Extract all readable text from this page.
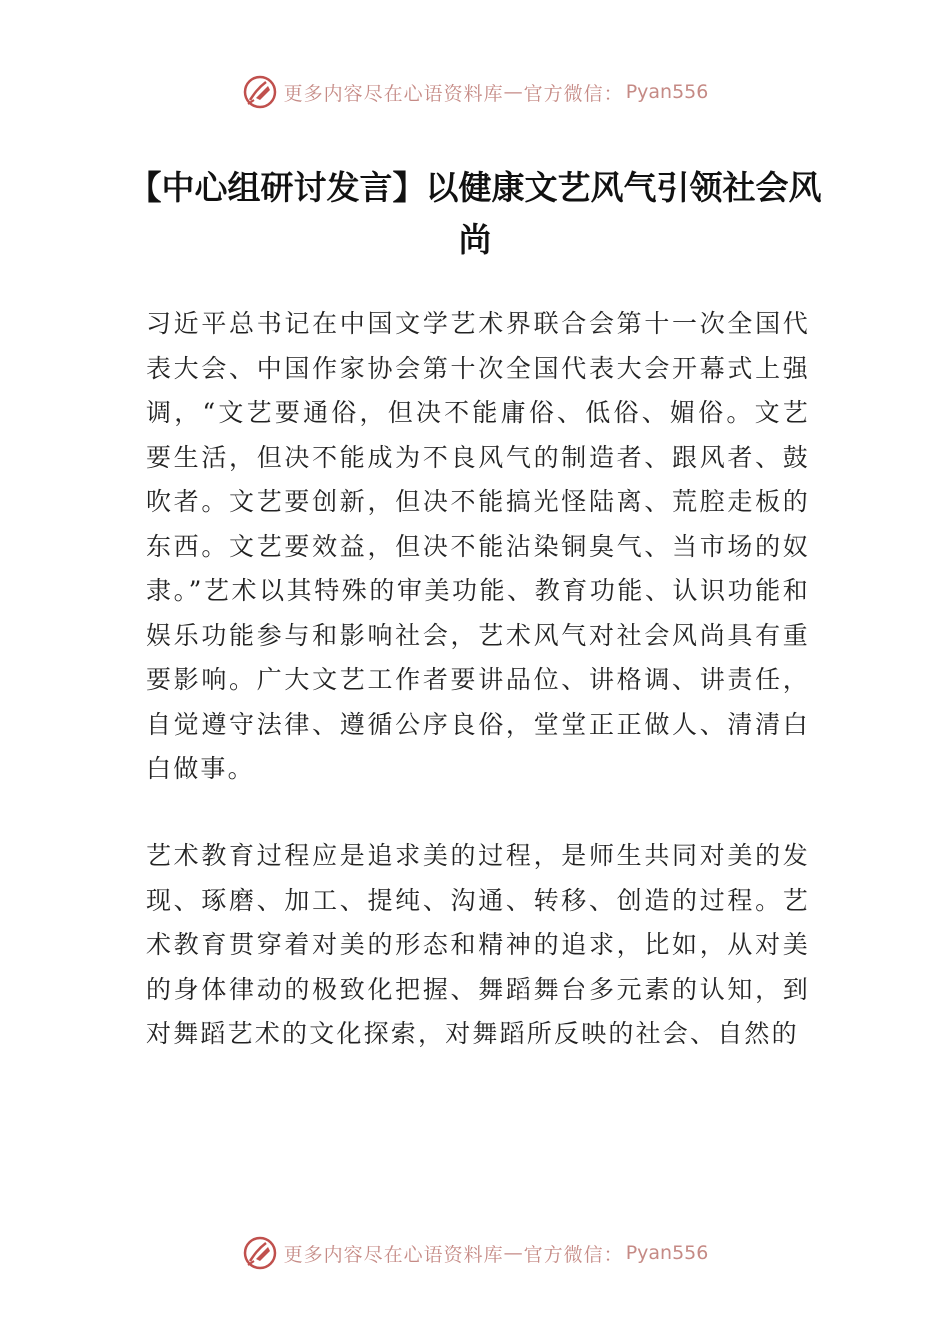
更多内容尽在心语资料库 — 官方微信： Pyan556
【中心组研讨发言】以健康文艺风气引领社会风尚

习近平总书记在中国文学艺术界联合会第十一次全国代表大会、中国作家协会第十次全国代表大会开幕式上强调，“文艺要通俗，但决不能庸俗、低俗、媚俗。文艺要生活，但决不能成为不良风气的制造者、跟风者、鼓吹者。文艺要创新，但决不能搞光怪陆离、荒腔走板的东西。文艺要效益，但决不能沾染铜臭气、当市场的奴隶。”艺术以其特殊的审美功能、教育功能、认识功能和娱乐功能参与和影响社会，艺术风气对社会风尚具有重要影响。广大文艺工作者要讲品位、讲格调、讲责任，自觉遵守法律、遵循公序良俗，堂堂正正做人、清清白白做事。

艺术教育过程应是追求美的过程，是师生共同对美的发现、琢磨、加工、提纯、沟通、转移、创造的过程。艺术教育贯穿着对美的形态和精神的追求，比如，从对美的身体律动的极致化把握、舞蹈舞台多元素的认知，到对舞蹈艺术的文化探索，对舞蹈所反映的社会、自然的

更多内容尽在心语资料库 — 官方微信： Pyan556
